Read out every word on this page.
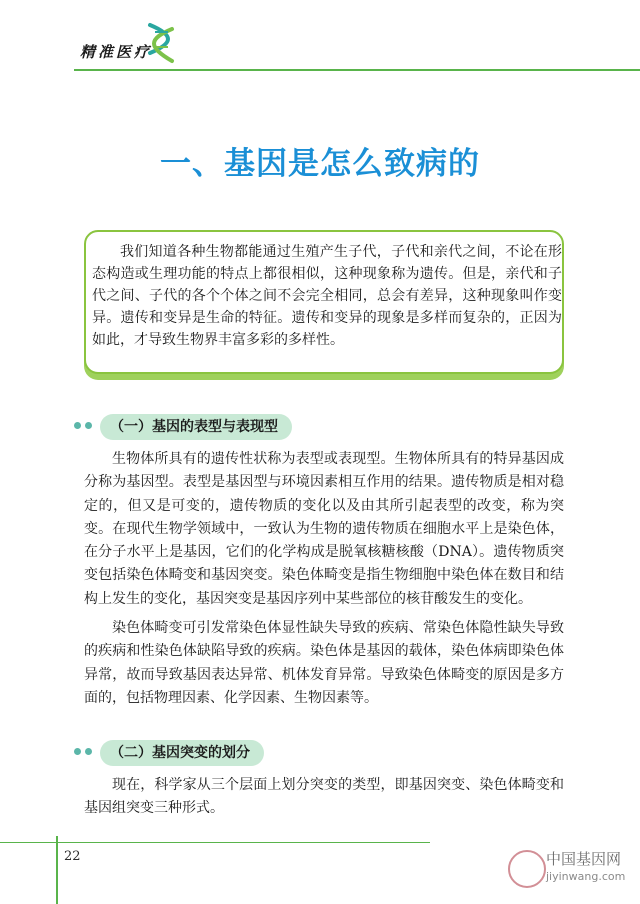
精准医疗
一、基因是怎么致病的
我们知道各种生物都能通过生殖产生子代，子代和亲代之间，不论在形态构造或生理功能的特点上都很相似，这种现象称为遗传。但是，亲代和子代之间、子代的各个个体之间不会完全相同，总会有差异，这种现象叫作变异。遗传和变异是生命的特征。遗传和变异的现象是多样而复杂的，正因为如此，才导致生物界丰富多彩的多样性。
（一）基因的表型与表现型
生物体所具有的遗传性状称为表型或表现型。生物体所具有的特异基因成分称为基因型。表型是基因型与环境因素相互作用的结果。遗传物质是相对稳定的，但又是可变的，遗传物质的变化以及由其所引起表型的改变，称为突变。在现代生物学领域中，一致认为生物的遗传物质在细胞水平上是染色体，在分子水平上是基因，它们的化学构成是脱氧核糖核酸（DNA）。遗传物质突变包括染色体畸变和基因突变。染色体畸变是指生物细胞中染色体在数目和结构上发生的变化，基因突变是基因序列中某些部位的核苷酸发生的变化。
染色体畸变可引发常染色体显性缺失导致的疾病、常染色体隐性缺失导致的疾病和性染色体缺陷导致的疾病。染色体是基因的载体，染色体病即染色体异常，故而导致基因表达异常、机体发育异常。导致染色体畸变的原因是多方面的，包括物理因素、化学因素、生物因素等。
（二）基因突变的划分
现在，科学家从三个层面上划分突变的类型，即基因突变、染色体畸变和基因组突变三种形式。
22	中国基因网
jiyinwang.com
